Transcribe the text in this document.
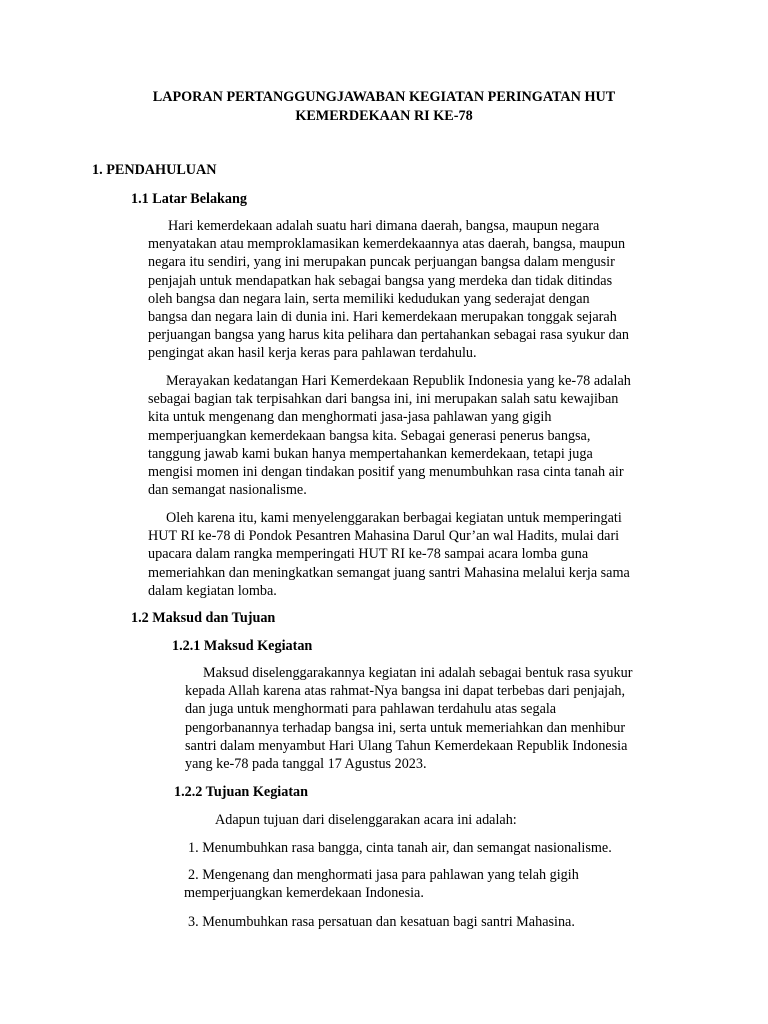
LAPORAN PERTANGGUNGJAWABAN KEGIATAN PERINGATAN HUT
KEMERDEKAAN RI KE-78
1. PENDAHULUAN
1.1 Latar Belakang
Hari kemerdekaan adalah suatu hari dimana daerah, bangsa, maupun negara
menyatakan atau memproklamasikan kemerdekaannya atas daerah, bangsa, maupun
negara itu sendiri, yang ini merupakan puncak perjuangan bangsa dalam mengusir
penjajah untuk mendapatkan hak sebagai bangsa yang merdeka dan tidak ditindas
oleh bangsa dan negara lain, serta memiliki kedudukan yang sederajat dengan
bangsa dan negara lain di dunia ini. Hari kemerdekaan merupakan tonggak sejarah
perjuangan bangsa yang harus kita pelihara dan pertahankan sebagai rasa syukur dan
pengingat akan hasil kerja keras para pahlawan terdahulu.
Merayakan kedatangan Hari Kemerdekaan Republik Indonesia yang ke-78 adalah
sebagai bagian tak terpisahkan dari bangsa ini, ini merupakan salah satu kewajiban
kita untuk mengenang dan menghormati jasa-jasa pahlawan yang gigih
memperjuangkan kemerdekaan bangsa kita. Sebagai generasi penerus bangsa,
tanggung jawab kami bukan hanya mempertahankan kemerdekaan, tetapi juga
mengisi momen ini dengan tindakan positif yang menumbuhkan rasa cinta tanah air
dan semangat nasionalisme.
Oleh karena itu, kami menyelenggarakan berbagai kegiatan untuk memperingati
HUT RI ke-78 di Pondok Pesantren Mahasina Darul Qur’an wal Hadits, mulai dari
upacara dalam rangka memperingati HUT RI ke-78 sampai acara lomba guna
memeriahkan dan meningkatkan semangat juang santri Mahasina melalui kerja sama
dalam kegiatan lomba.
1.2 Maksud dan Tujuan
1.2.1 Maksud Kegiatan
Maksud diselenggarakannya kegiatan ini adalah sebagai bentuk rasa syukur
kepada Allah karena atas rahmat-Nya bangsa ini dapat terbebas dari penjajah,
dan juga untuk menghormati para pahlawan terdahulu atas segala
pengorbanannya terhadap bangsa ini, serta untuk memeriahkan dan menhibur
santri dalam menyambut Hari Ulang Tahun Kemerdekaan Republik Indonesia
yang ke-78 pada tanggal 17 Agustus 2023.
1.2.2 Tujuan Kegiatan
Adapun tujuan dari diselenggarakan acara ini adalah:
1. Menumbuhkan rasa bangga, cinta tanah air, dan semangat nasionalisme.
2. Mengenang dan menghormati jasa para pahlawan yang telah gigih
memperjuangkan kemerdekaan Indonesia.
3. Menumbuhkan rasa persatuan dan kesatuan bagi santri Mahasina.
